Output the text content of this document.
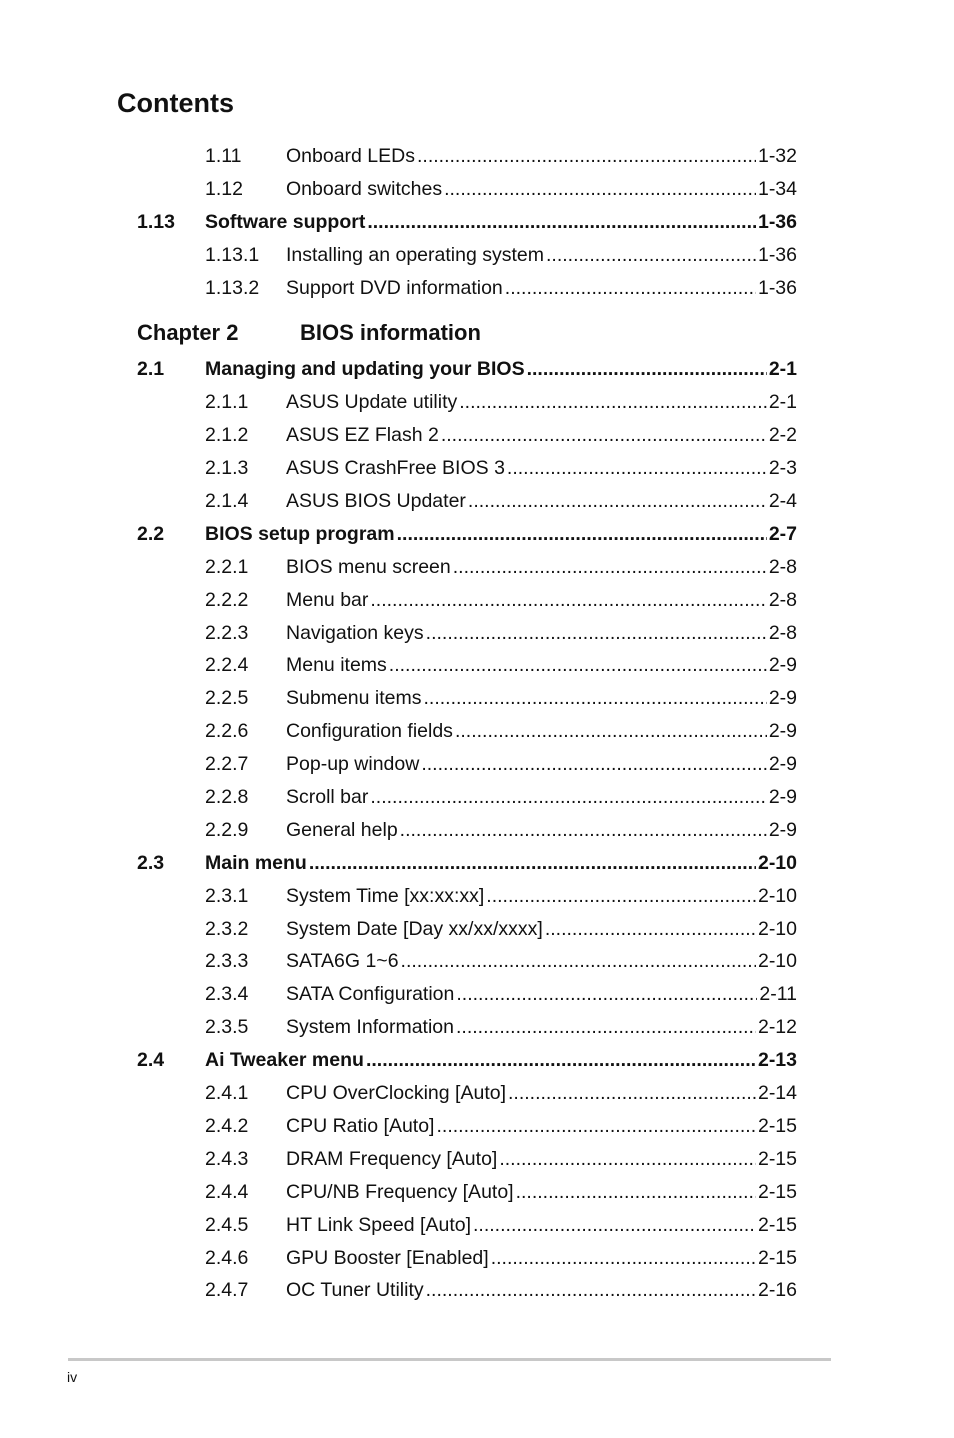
Contents
1.11 Onboard LEDs .....	1-32
1.12 Onboard switches .....	1-34
1.13 Software support .....	1-36
1.13.1 Installing an operating system .....	1-36
1.13.2 Support DVD information .....	1-36
Chapter 2	BIOS information
2.1 Managing and updating your BIOS .....	2-1
2.1.1 ASUS Update utility .....	2-1
2.1.2 ASUS EZ Flash 2 .....	2-2
2.1.3 ASUS CrashFree BIOS 3 .....	2-3
2.1.4 ASUS BIOS Updater .....	2-4
2.2 BIOS setup program .....	2-7
2.2.1 BIOS menu screen .....	2-8
2.2.2 Menu bar .....	2-8
2.2.3 Navigation keys .....	2-8
2.2.4 Menu items .....	2-9
2.2.5 Submenu items .....	2-9
2.2.6 Configuration fields .....	2-9
2.2.7 Pop-up window .....	2-9
2.2.8 Scroll bar .....	2-9
2.2.9 General help .....	2-9
2.3 Main menu .....	2-10
2.3.1 System Time [xx:xx:xx] .....	2-10
2.3.2 System Date [Day xx/xx/xxxx] .....	2-10
2.3.3 SATA6G 1~6 .....	2-10
2.3.4 SATA Configuration .....	2-11
2.3.5 System Information .....	2-12
2.4 Ai Tweaker menu .....	2-13
2.4.1 CPU OverClocking [Auto] .....	2-14
2.4.2 CPU Ratio [Auto] .....	2-15
2.4.3 DRAM Frequency [Auto] .....	2-15
2.4.4 CPU/NB Frequency [Auto] .....	2-15
2.4.5 HT Link Speed [Auto] .....	2-15
2.4.6 GPU Booster [Enabled] .....	2-15
2.4.7 OC Tuner Utility .....	2-16
iv
